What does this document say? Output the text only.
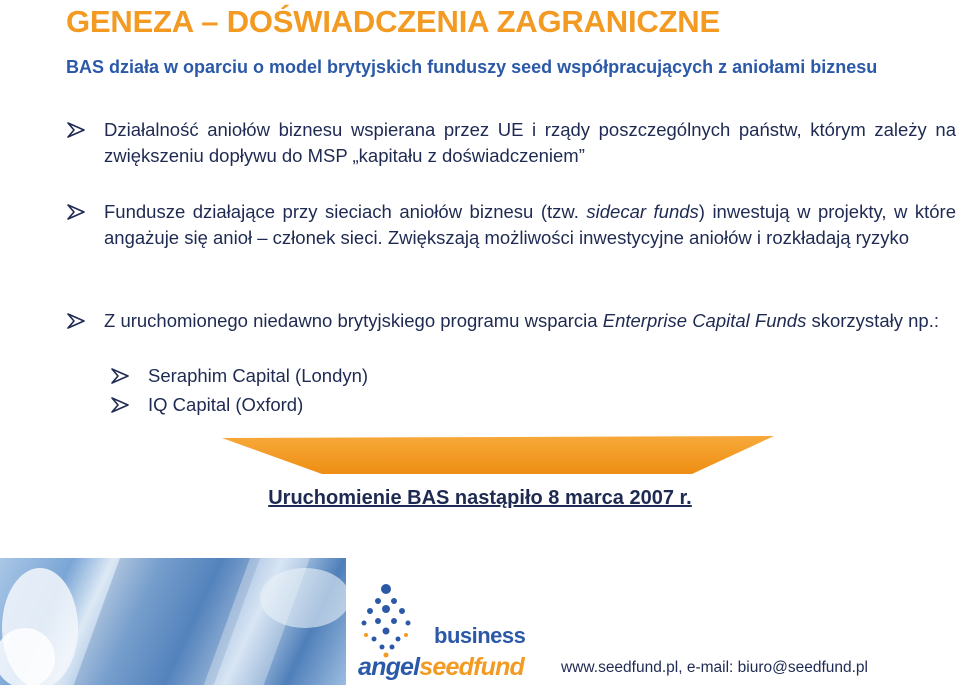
GENEZA – DOŚWIADCZENIA ZAGRANICZNE
BAS działa w oparciu o model brytyjskich funduszy seed współpracujących z aniołami biznesu
Działalność aniołów biznesu wspierana przez UE i rządy poszczególnych państw, którym zależy na zwiększeniu dopływu do MSP „kapitału z doświadczeniem”
Fundusze działające przy sieciach aniołów biznesu (tzw. sidecar funds) inwestują w projekty, w które angażuje się anioł – członek sieci. Zwiększają możliwości inwestycyjne aniołów i rozkładają ryzyko
Z uruchomionego niedawno brytyjskiego programu wsparcia Enterprise Capital Funds skorzystały np.:
Seraphim Capital (Londyn)
IQ Capital (Oxford)
Uruchomienie BAS nastąpiło 8 marca 2007 r.
business
angelseedfund www.seedfund.pl, e-mail: biuro@seedfund.pl
